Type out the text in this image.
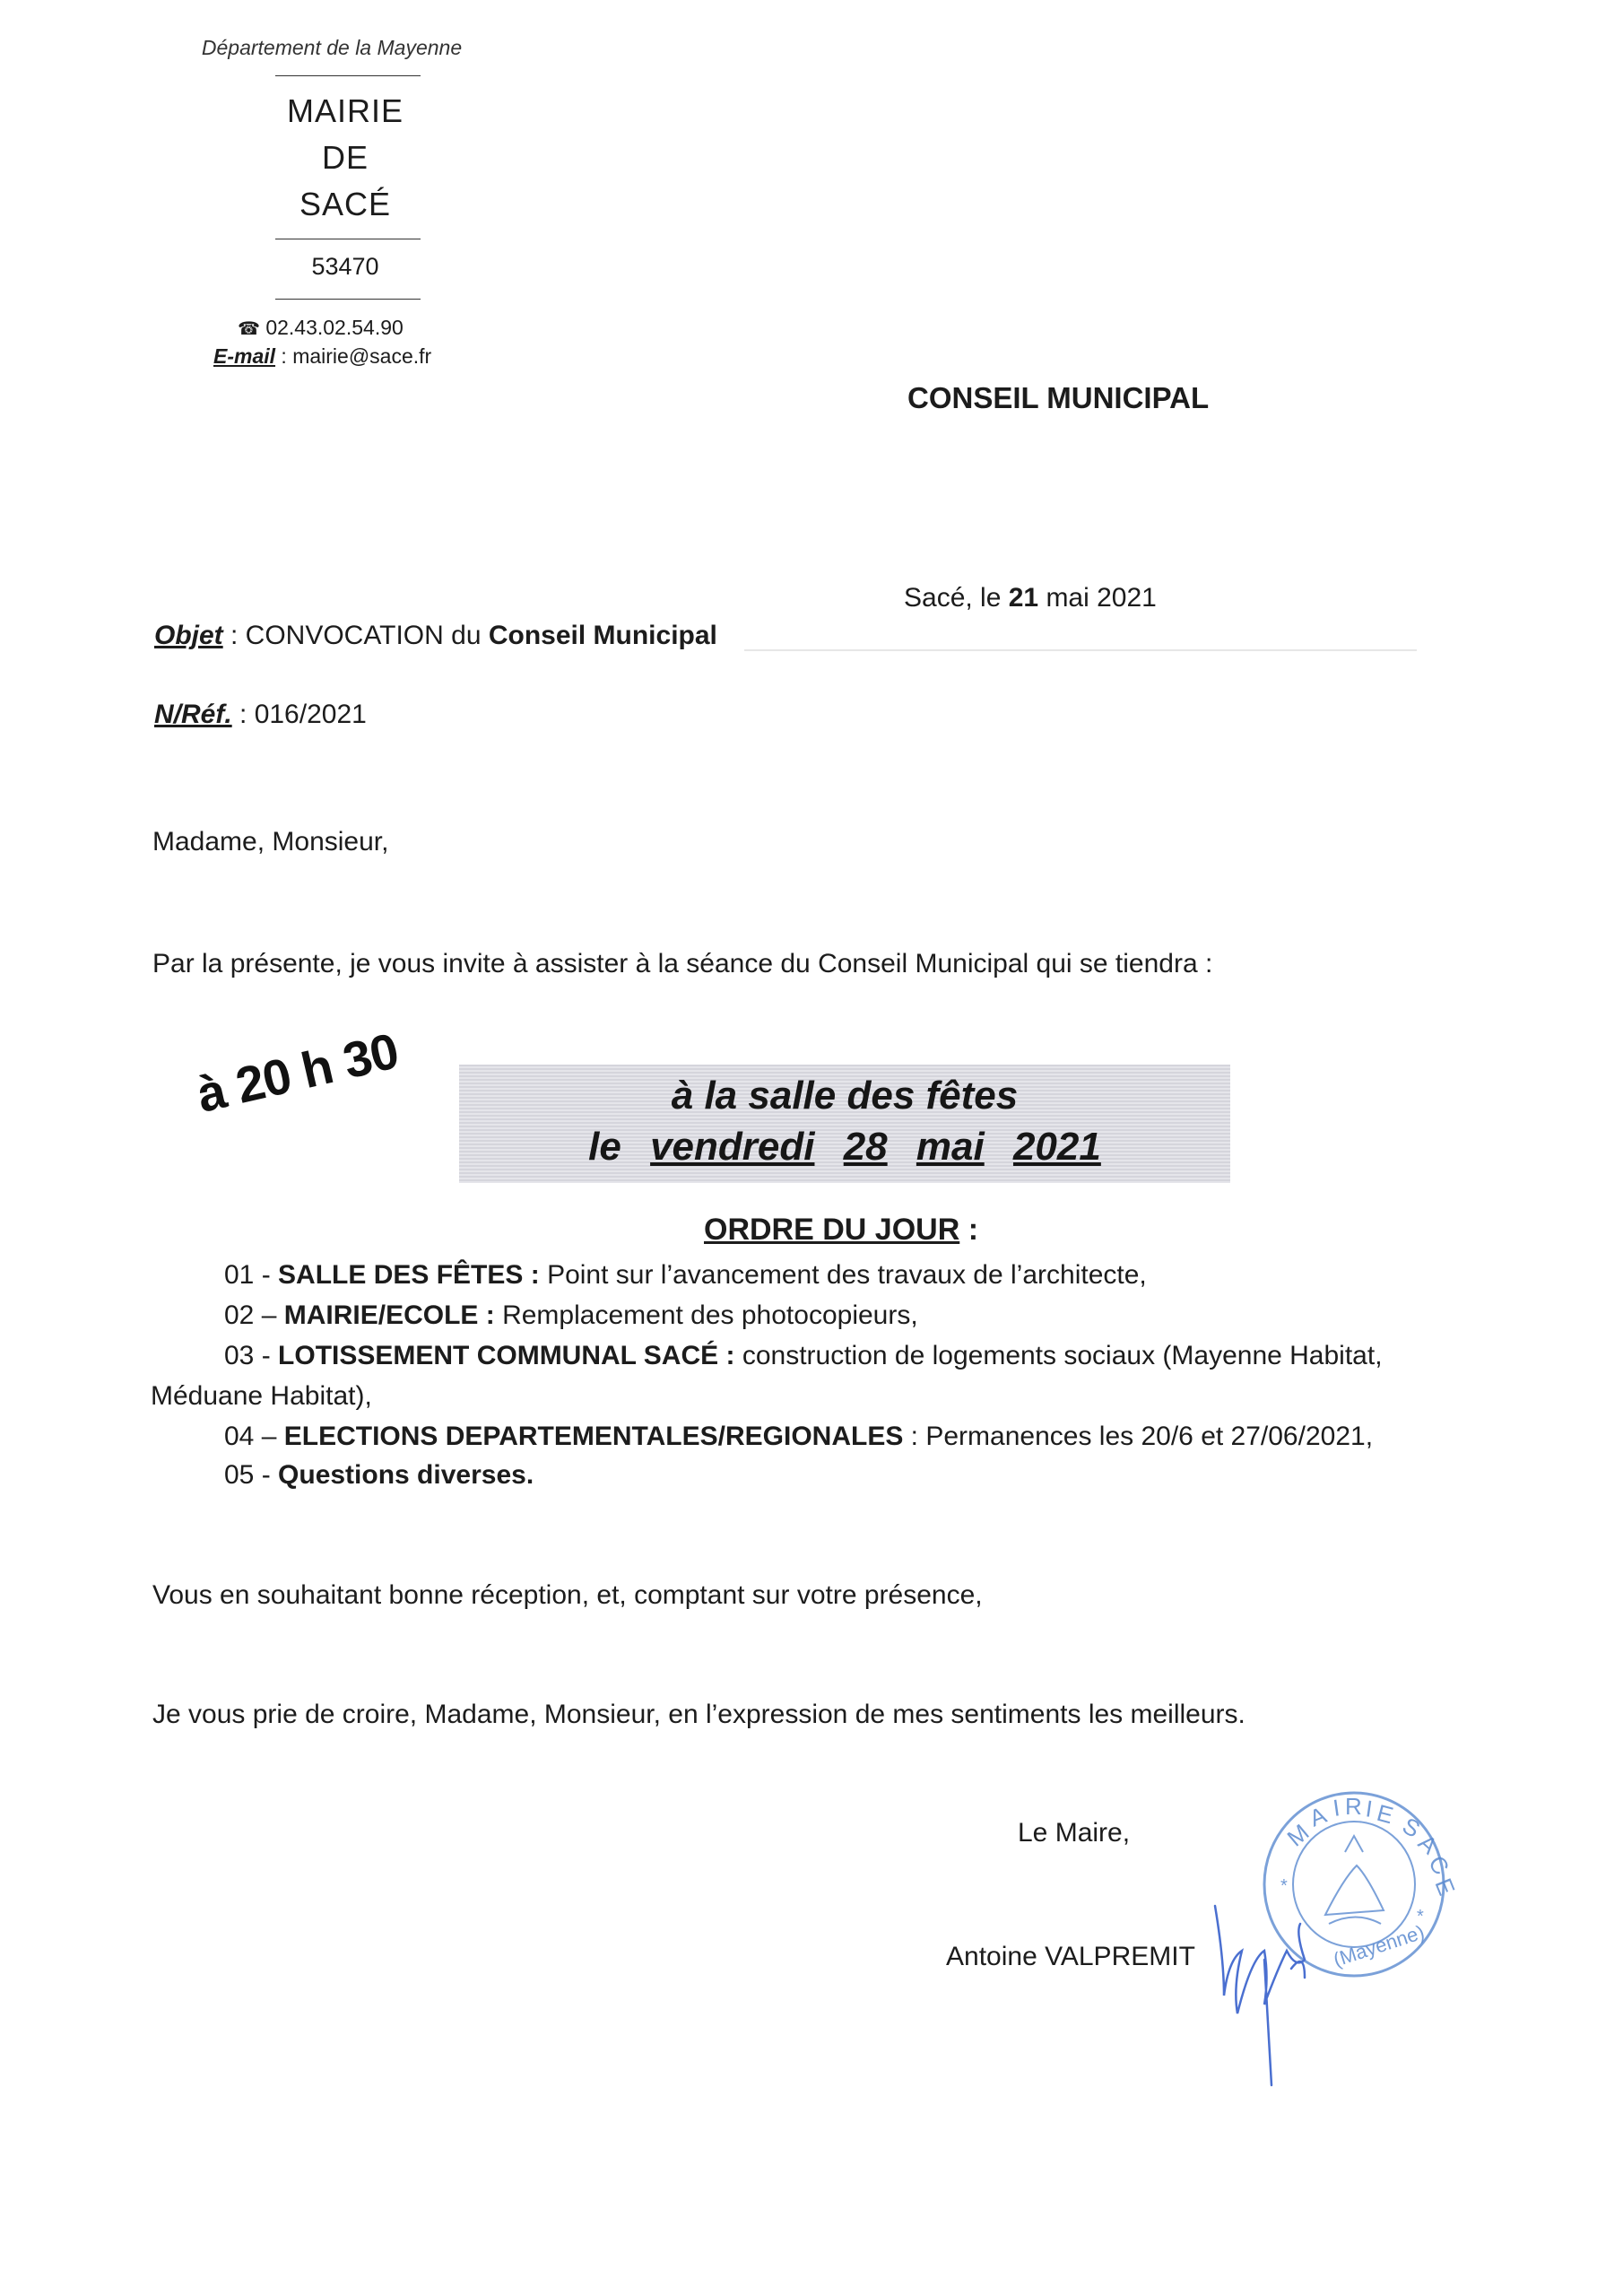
Département de la Mayenne
MAIRIE
DE
SACÉ
53470
☎ 02.43.02.54.90
E-mail : mairie@sace.fr
CONSEIL MUNICIPAL
Sacé, le 21 mai 2021
Objet : CONVOCATION du Conseil Municipal
N/Réf. : 016/2021
Madame, Monsieur,
Par la présente, je vous invite à assister à la séance du Conseil Municipal qui se tiendra :
à 20 h 30	à la salle des fêtes
le vendredi 28 mai 2021
ORDRE DU JOUR :
01 - SALLE DES FÊTES : Point sur l’avancement des travaux de l’architecte,
02 – MAIRIE/ECOLE : Remplacement des photocopieurs,
03 - LOTISSEMENT COMMUNAL SACÉ : construction de logements sociaux (Mayenne Habitat,
Méduane Habitat),
04 – ELECTIONS DEPARTEMENTALES/REGIONALES : Permanences les 20/6 et 27/06/2021,
05 - Questions diverses.
Vous en souhaitant bonne réception, et, comptant sur votre présence,
Je vous prie de croire, Madame, Monsieur, en l’expression de mes sentiments les meilleurs.
Le Maire,
Antoine VALPREMIT
M
A I R I E S
A
C
E
(Mayenne)
*
*
